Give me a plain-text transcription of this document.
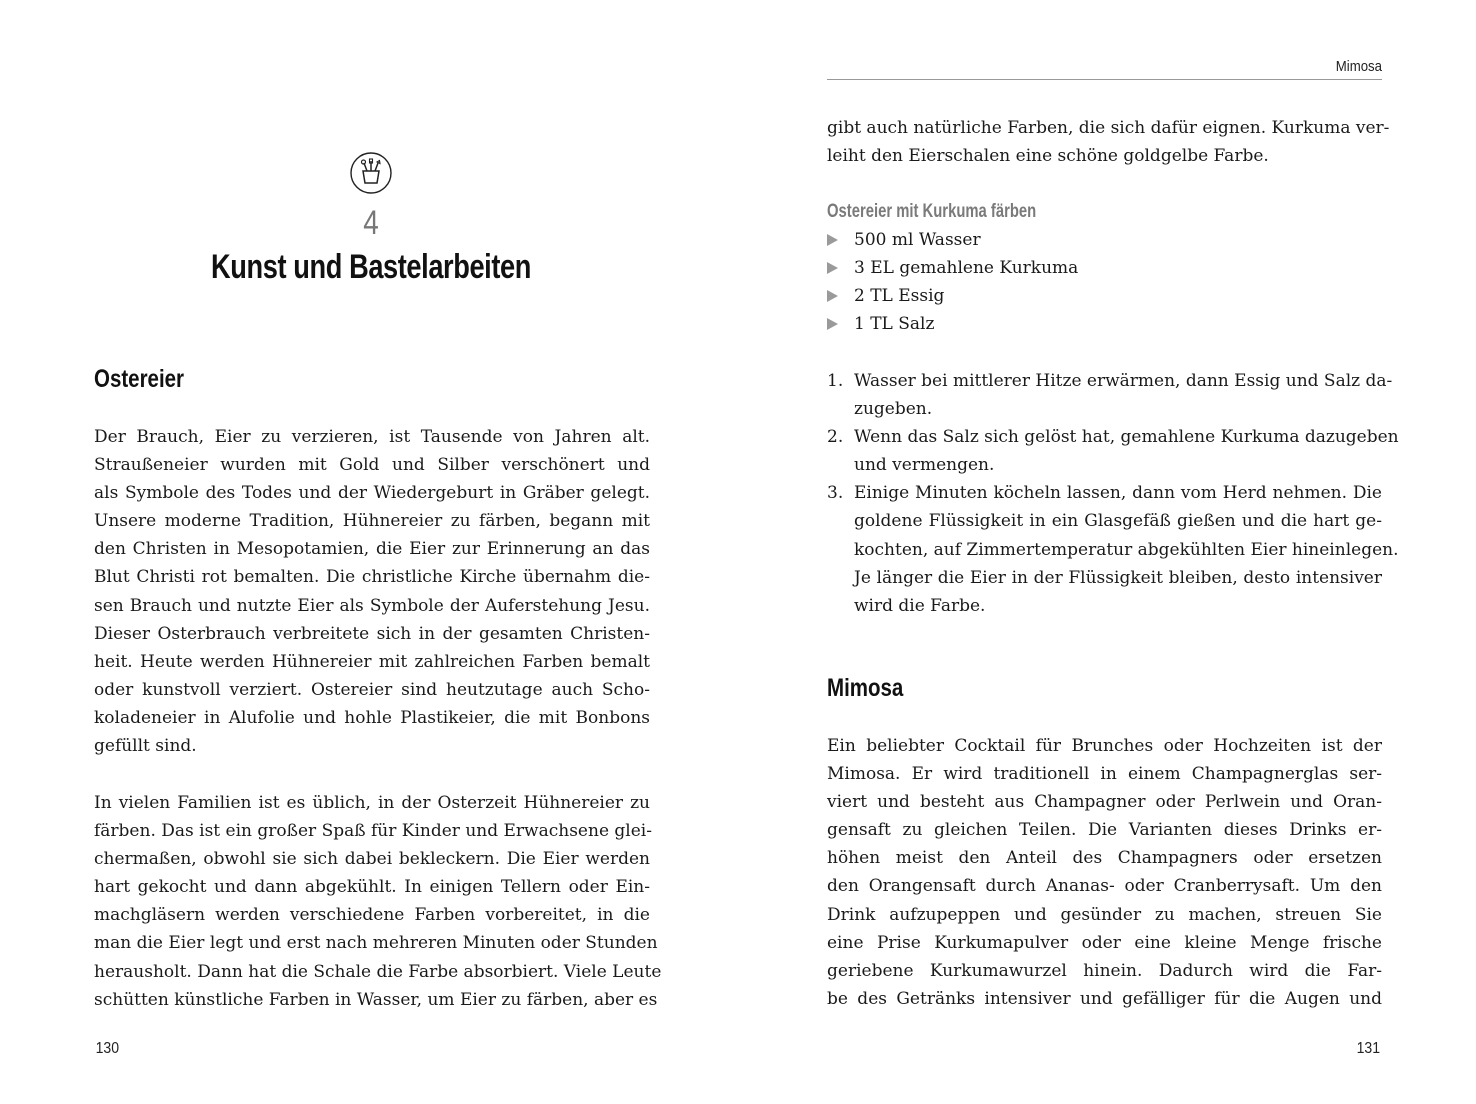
4
Kunst und Bastelarbeiten
Ostereier
Der Brauch, Eier zu verzieren, ist Tausende von Jahren alt.
Straußeneier wurden mit Gold und Silber verschönert und
als Symbole des Todes und der Wiedergeburt in Gräber gelegt.
Unsere moderne Tradition, Hühnereier zu färben, begann mit
den Christen in Mesopotamien, die Eier zur Erinnerung an das
Blut Christi rot bemalten. Die christliche Kirche übernahm die-
sen Brauch und nutzte Eier als Symbole der Auferstehung Jesu.
Dieser Osterbrauch verbreitete sich in der gesamten Christen-
heit. Heute werden Hühnereier mit zahlreichen Farben bemalt
oder kunstvoll verziert. Ostereier sind heutzutage auch Scho-
koladeneier in Alufolie und hohle Plastikeier, die mit Bonbons
gefüllt sind.
In vielen Familien ist es üblich, in der Osterzeit Hühnereier zu
färben. Das ist ein großer Spaß für Kinder und Erwachsene glei-
chermaßen, obwohl sie sich dabei bekleckern. Die Eier werden
hart gekocht und dann abgekühlt. In einigen Tellern oder Ein-
machgläsern werden verschiedene Farben vorbereitet, in die
man die Eier legt und erst nach mehreren Minuten oder Stunden
herausholt. Dann hat die Schale die Farbe absorbiert. Viele Leute
schütten künstliche Farben in Wasser, um Eier zu färben, aber es
130
Mimosa
gibt auch natürliche Farben, die sich dafür eignen. Kurkuma ver-
leiht den Eierschalen eine schöne goldgelbe Farbe.
Ostereier mit Kurkuma färben
500 ml Wasser
3 EL gemahlene Kurkuma
2 TL Essig
1 TL Salz
1. Wasser bei mittlerer Hitze erwärmen, dann Essig und Salz da-
zugeben.
2. Wenn das Salz sich gelöst hat, gemahlene Kurkuma dazugeben
und vermengen.
3. Einige Minuten köcheln lassen, dann vom Herd nehmen. Die
goldene Flüssigkeit in ein Glasgefäß gießen und die hart ge-
kochten, auf Zimmertemperatur abgekühlten Eier hineinlegen.
Je länger die Eier in der Flüssigkeit bleiben, desto intensiver
wird die Farbe.
Mimosa
Ein beliebter Cocktail für Brunches oder Hochzeiten ist der
Mimosa. Er wird traditionell in einem Champagnerglas ser-
viert und besteht aus Champagner oder Perlwein und Oran-
gensaft zu gleichen Teilen. Die Varianten dieses Drinks er-
höhen meist den Anteil des Champagners oder ersetzen
den Orangensaft durch Ananas- oder Cranberrysaft. Um den
Drink aufzupeppen und gesünder zu machen, streuen Sie
eine Prise Kurkumapulver oder eine kleine Menge frische
geriebene Kurkumawurzel hinein. Dadurch wird die Far-
be des Getränks intensiver und gefälliger für die Augen und
131
